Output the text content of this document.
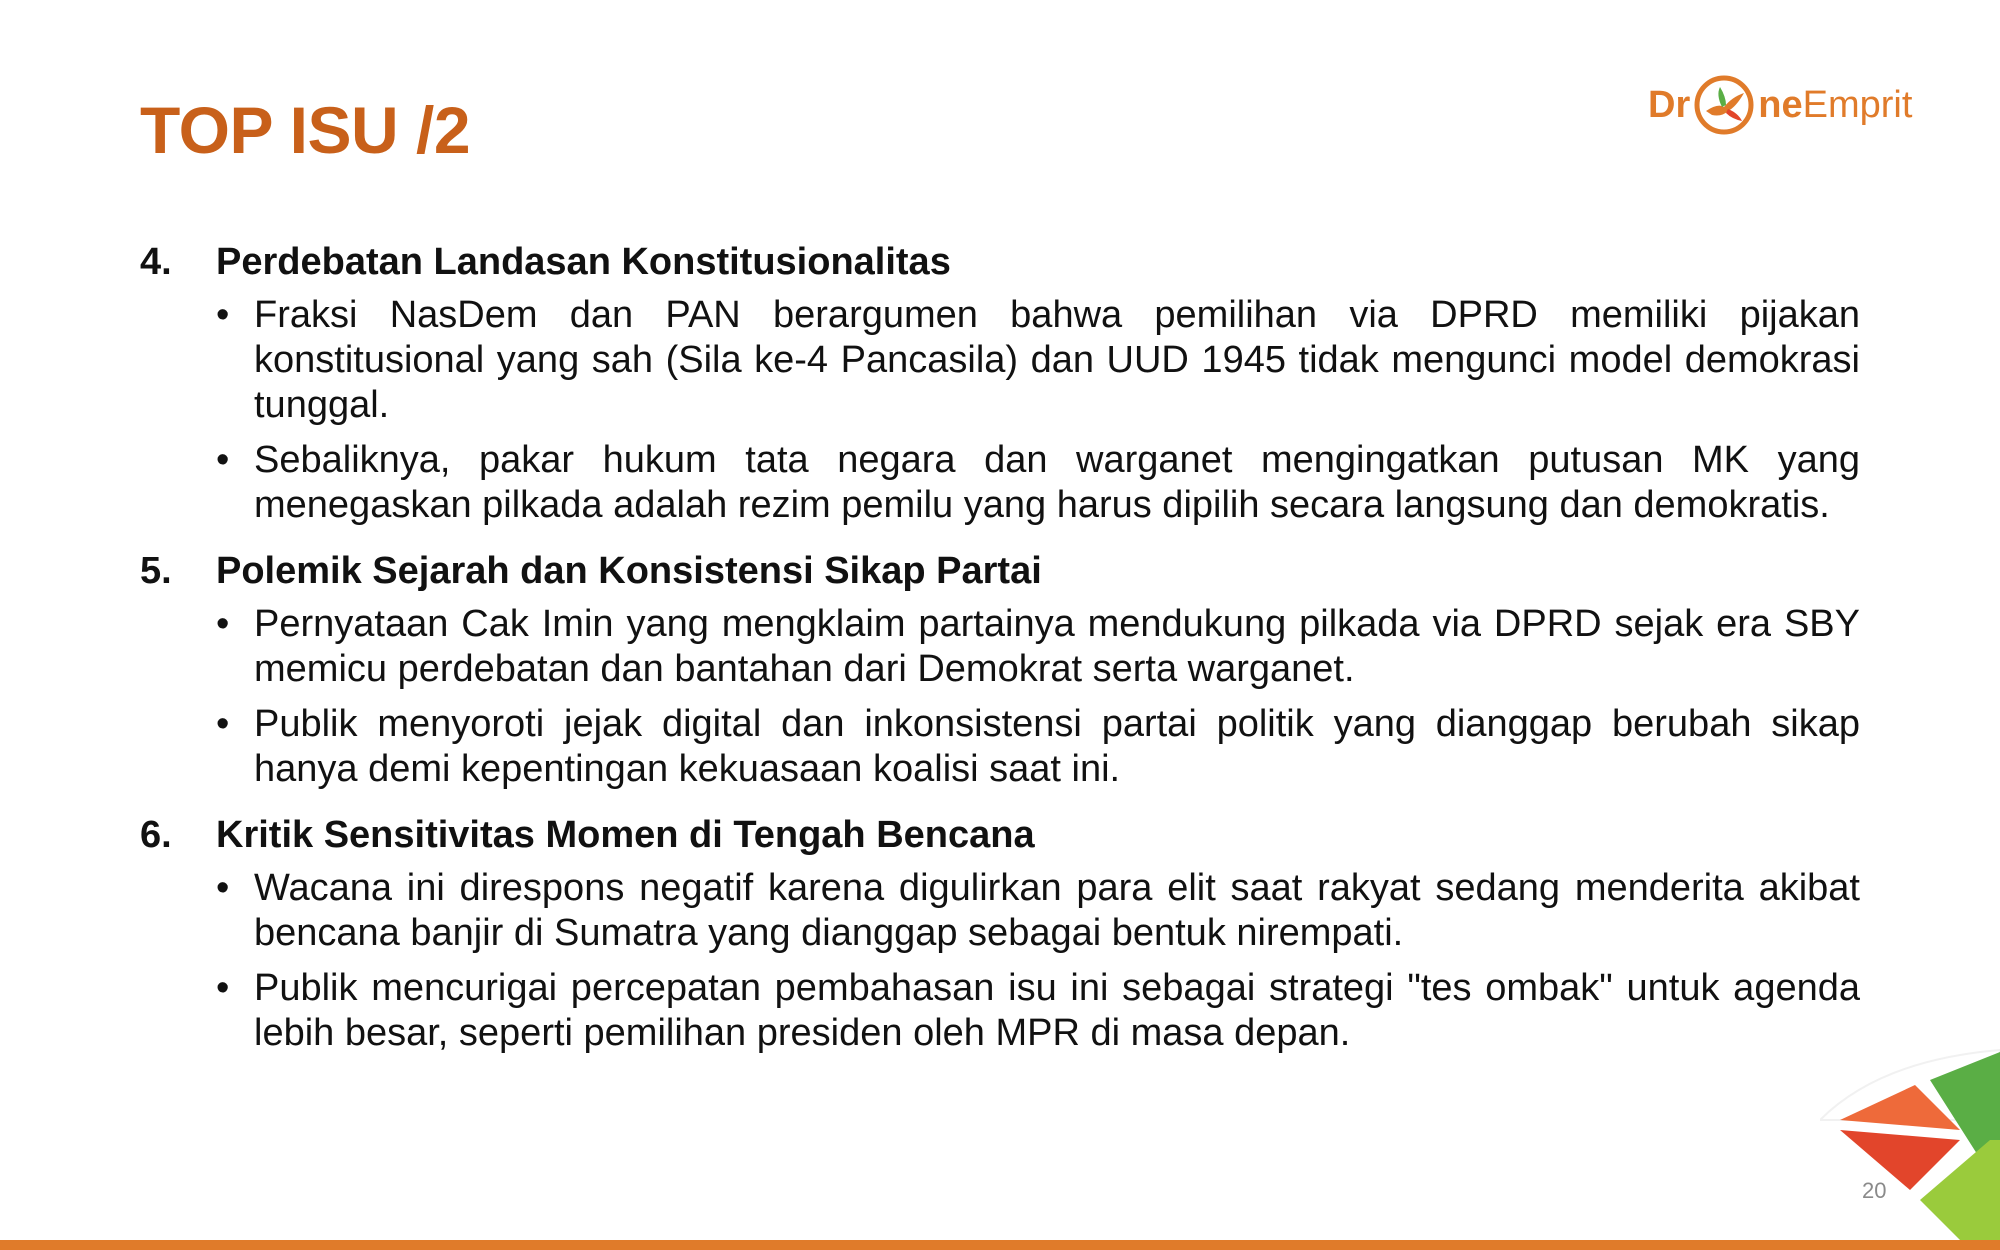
TOP ISU /2	Dr ne Empr it
4.	Perdebatan Landasan Konstitusionalitas
• Fraksi NasDem dan PAN berargumen bahwa pemilihan via DPRD memiliki pijakan konstitusional yang sah (Sila ke-4 Pancasila) dan UUD 1945 tidak mengunci model demokrasi tunggal.
• Sebaliknya, pakar hukum tata negara dan warganet mengingatkan putusan MK yang menegaskan pilkada adalah rezim pemilu yang harus dipilih secara langsung dan demokratis.
5.	Polemik Sejarah dan Konsistensi Sikap Partai
• Pernyataan Cak Imin yang mengklaim partainya mendukung pilkada via DPRD sejak era SBY memicu perdebatan dan bantahan dari Demokrat serta warganet.
• Publik menyoroti jejak digital dan inkonsistensi partai politik yang dianggap berubah sikap hanya demi kepentingan kekuasaan koalisi saat ini.
6.	Kritik Sensitivitas Momen di Tengah Bencana
• Wacana ini direspons negatif karena digulirkan para elit saat rakyat sedang menderita akibat bencana banjir di Sumatra yang dianggap sebagai bentuk nirempati.
• Publik mencurigai percepatan pembahasan isu ini sebagai strategi "tes ombak" untuk agenda lebih besar, seperti pemilihan presiden oleh MPR di masa depan.
20
